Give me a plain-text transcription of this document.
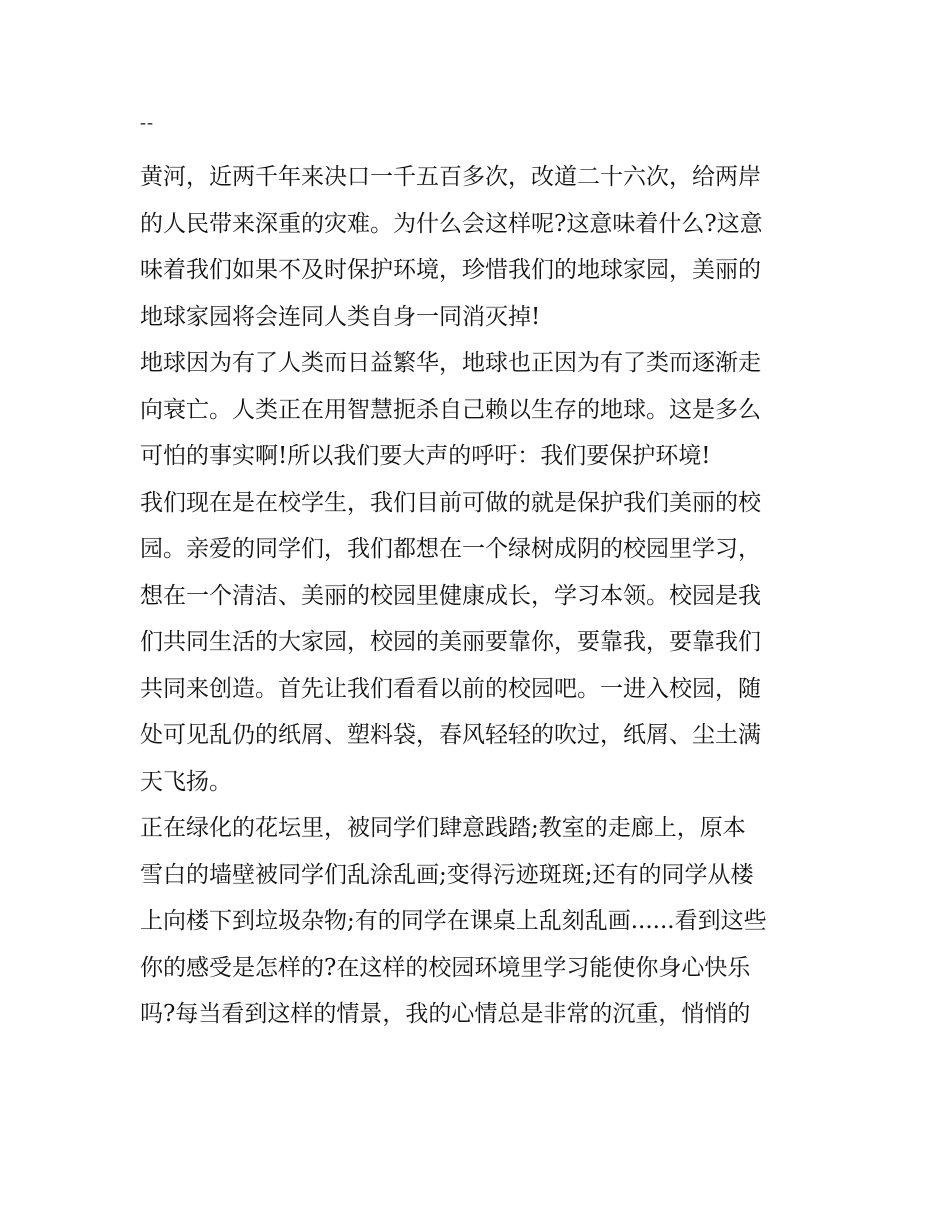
--
黄河，近两千年来决口一千五百多次，改道二十六次，给两岸
的人民带来深重的灾难。为什么会这样呢?这意味着什么?这意
味着我们如果不及时保护环境，珍惜我们的地球家园，美丽的
地球家园将会连同人类自身一同消灭掉!
地球因为有了人类而日益繁华，地球也正因为有了类而逐渐走
向衰亡。人类正在用智慧扼杀自己赖以生存的地球。这是多么
可怕的事实啊!所以我们要大声的呼吁：我们要保护环境!
我们现在是在校学生，我们目前可做的就是保护我们美丽的校
园。亲爱的同学们，我们都想在一个绿树成阴的校园里学习，
想在一个清洁、美丽的校园里健康成长，学习本领。校园是我
们共同生活的大家园，校园的美丽要靠你，要靠我，要靠我们
共同来创造。首先让我们看看以前的校园吧。一进入校园，随
处可见乱仍的纸屑、塑料袋，春风轻轻的吹过，纸屑、尘土满
天飞扬。
正在绿化的花坛里，被同学们肆意践踏;教室的走廊上，原本
雪白的墙壁被同学们乱涂乱画;变得污迹斑斑;还有的同学从楼
上向楼下到垃圾杂物;有的同学在课桌上乱刻乱画......看到这些
你的感受是怎样的?在这样的校园环境里学习能使你身心快乐
吗?每当看到这样的情景，我的心情总是非常的沉重，悄悄的
